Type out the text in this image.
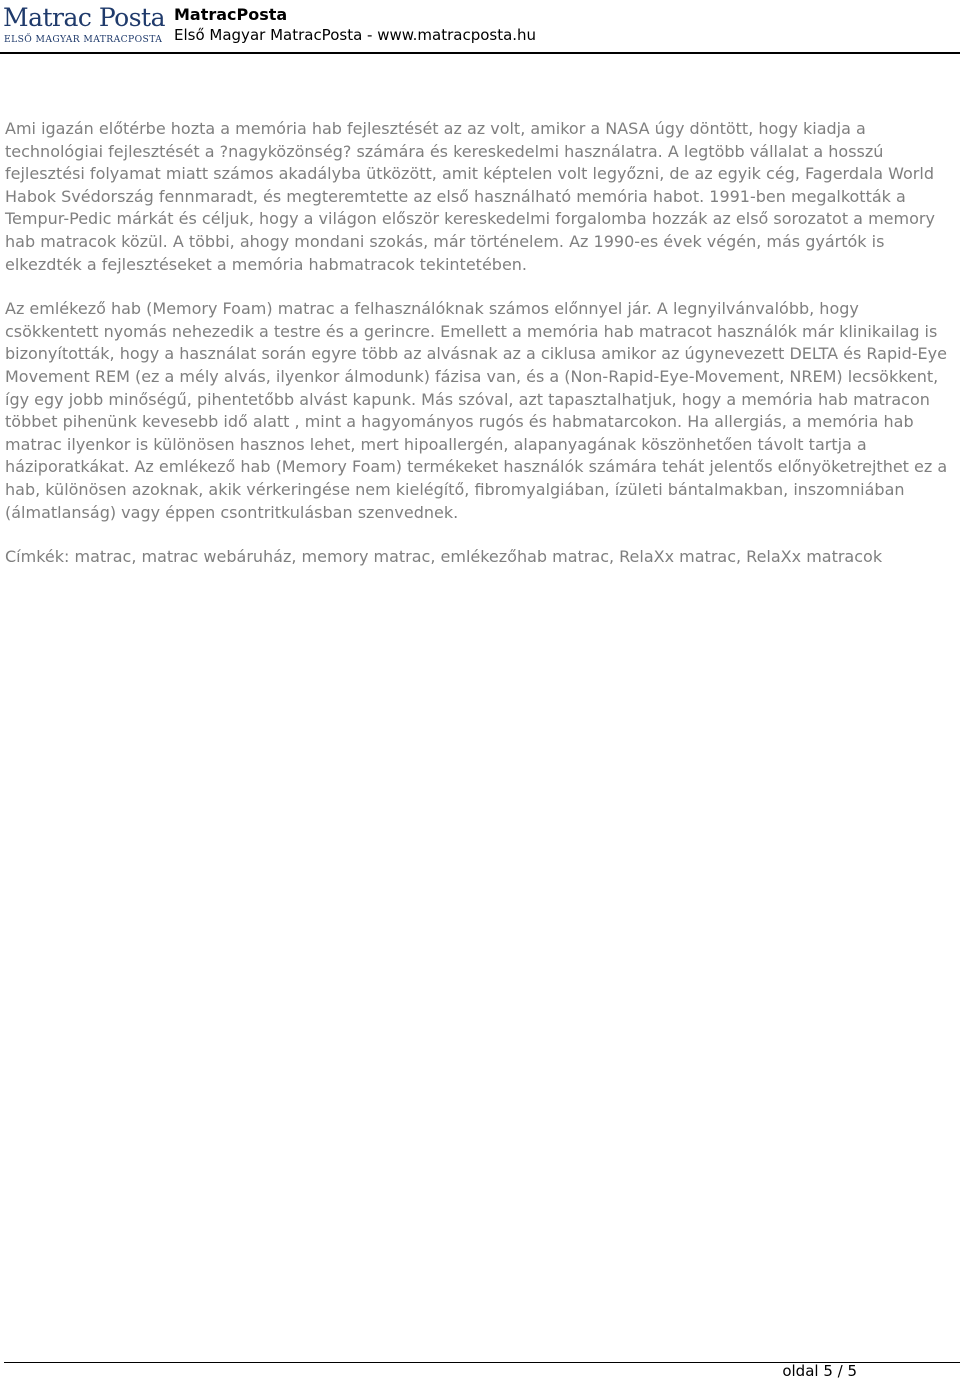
Matrac Posta
ELSŐ MAGYAR MATRACPOSTA
MatracPosta
Első Magyar MatracPosta - www.matracposta.hu

Ami igazán előtérbe hozta a memória hab fejlesztését az az volt, amikor a NASA úgy döntött, hogy kiadja a technológiai fejlesztését a ?nagyközönség? számára és kereskedelmi használatra. A legtöbb vállalat a hosszú fejlesztési folyamat miatt számos akadályba ütközött, amit képtelen volt legyőzni, de az egyik cég, Fagerdala World Habok Svédország fennmaradt, és megteremtette az első használható memória habot. 1991-ben megalkották a Tempur-Pedic márkát és céljuk, hogy a világon először kereskedelmi forgalomba hozzák az első sorozatot a memory hab matracok közül. A többi, ahogy mondani szokás, már történelem. Az 1990-es évek végén, más gyártók is elkezdték a fejlesztéseket a memória habmatracok tekintetében.

Az emlékező hab (Memory Foam) matrac a felhasználóknak számos előnnyel jár. A legnyilvánvalóbb, hogy csökkentett nyomás nehezedik a testre és a gerincre. Emellett a memória hab matracot használók már klinikailag is bizonyították, hogy a használat során egyre több az alvásnak az a ciklusa amikor az úgynevezett DELTA és Rapid-Eye Movement REM (ez a mély alvás, ilyenkor álmodunk) fázisa van, és a (Non-Rapid-Eye-Movement, NREM) lecsökkent, így egy jobb minőségű, pihentetőbb alvást kapunk. Más szóval, azt tapasztalhatjuk, hogy a memória hab matracon többet pihenünk kevesebb idő alatt , mint a hagyományos rugós és habmatarcokon. Ha allergiás, a memória hab matrac ilyenkor is különösen hasznos lehet, mert hipoallergén, alapanyagának köszönhetően távolt tartja a háziporatkákat. Az emlékező hab (Memory Foam) termékeket használók számára tehát jelentős előnyöketrejthet ez a hab, különösen azoknak, akik vérkeringése nem kielégítő, fibromyalgiában, ízületi bántalmakban, inszomniában (álmatlanság) vagy éppen csontritkulásban szenvednek.

Címkék: matrac, matrac webáruház, memory matrac, emlékezőhab matrac, RelaXx matrac, RelaXx matracok

oldal 5 / 5
